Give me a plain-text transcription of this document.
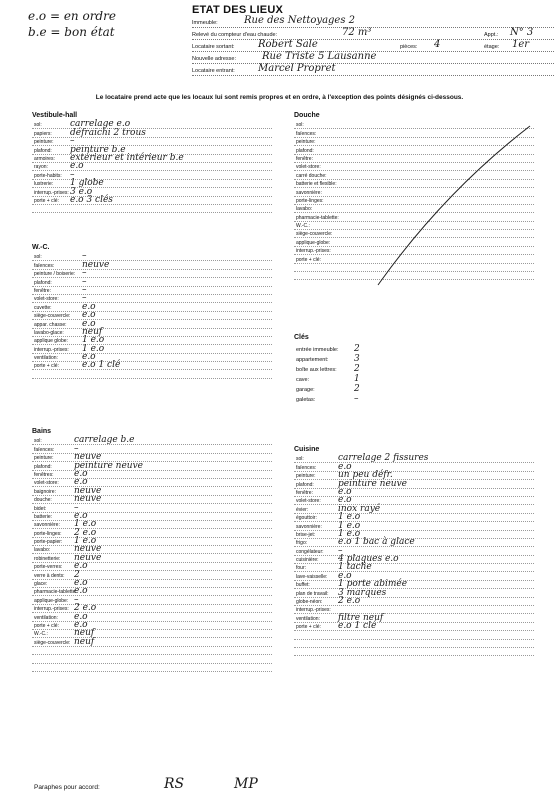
e.o = en ordre
b.e = bon état
ETAT DES LIEUX
Immeuble:	Rue des Nettoyages 2
Relevé du compteur d'eau chaude:	72 m³	Appt.: N° 3
Locataire sortant: Robert Sale	pièces: 4	étage: 1er
Nouvelle adresse:	Rue Triste 5 Lausanne
Locataire entrant: Marcel Propret
Le locataire prend acte que les locaux lui sont remis propres et en ordre, à l'exception des points désignés ci-dessous.
Vestibule-hall
sol:	carrelage e.o
papiers: défraichi 2 trous
peinture: –
plafond: peinture b.e
armoires: extérieur et intérieur b.e
rayon: e.o
porte-habits: –
lustrerie: 1 globe
interrup.-prises: 3 e.o
porte + clé: e.o 3 clés
W.-C.
sol:	–
faïences:	neuve
peinture / boiserie: –
plafond:	–
fenêtre:	–
volet-store:	–
cuvette:	e.o
siège-couvercle: e.o
appar. chasse: e.o
lavabo-glace: neuf
applique globe: 1 e.o
interrup.-prises: 1 e.o
ventilation:	e.o
porte + clé:	e.o 1 clé
Bains
sol:	carrelage b.e
faïences: –
peinture: neuve
plafond: peinture neuve
fenêtres: e.o
volet-store: e.o
baignoire: neuve
douche: neuve
bidet:	–
batterie: e.o
savonnière: 1 e.o
porte-linges: 2 e.o
porte-papier: 1 e.o
lavabo:	neuve
robinetterie: neuve
porte-verres: e.o
verre à dents: 2
glace:	e.o
pharmacie-tablette:
e.o
applique-globe: –
interrup.-prises: 2 e.o
ventilation: e.o
porte + clé: e.o
W.-C.:	neuf
siège-couvercle: neuf
Douche
sol:
faïences:
peinture:
plafond:
fenêtre:
volet-store:
carré douche:
batterie et flexible:
savonnière:
porte-linges:
lavabo:
pharmacie-tablette:
W.-C.:
siège-couvercle:
applique-globe:
interrup.-prises:
porte + clé:
Clés
entrée immeuble: 2
appartement:	3
boîte aux lettres: 2
cave:	1
garage:	2
galetas:	–
Cuisine
sol:	carrelage 2 fissures
faïences: e.o
peinture:	un peu défr.
plafond:	peinture neuve
fenêtre:	e.o
volet-store: e.o
évier:	inox rayé
égouttoir: 1 e.o
savonnière: 1 e.o
brise-jet:	1 e.o
frigo:	e.o 1 bac à glace
congélateur: –
cuisinière: 4 plaques e.o
four:	1 tache
lave-vaisselle: e.o
buffet:	1 porte abimée
plan de travail: 3 marques
globe-néon: 2 e.o
interrup.-prises:
ventilation: filtre neuf
porte + clé: e.o 1 clé
Paraphes pour accord:	RS	MP
